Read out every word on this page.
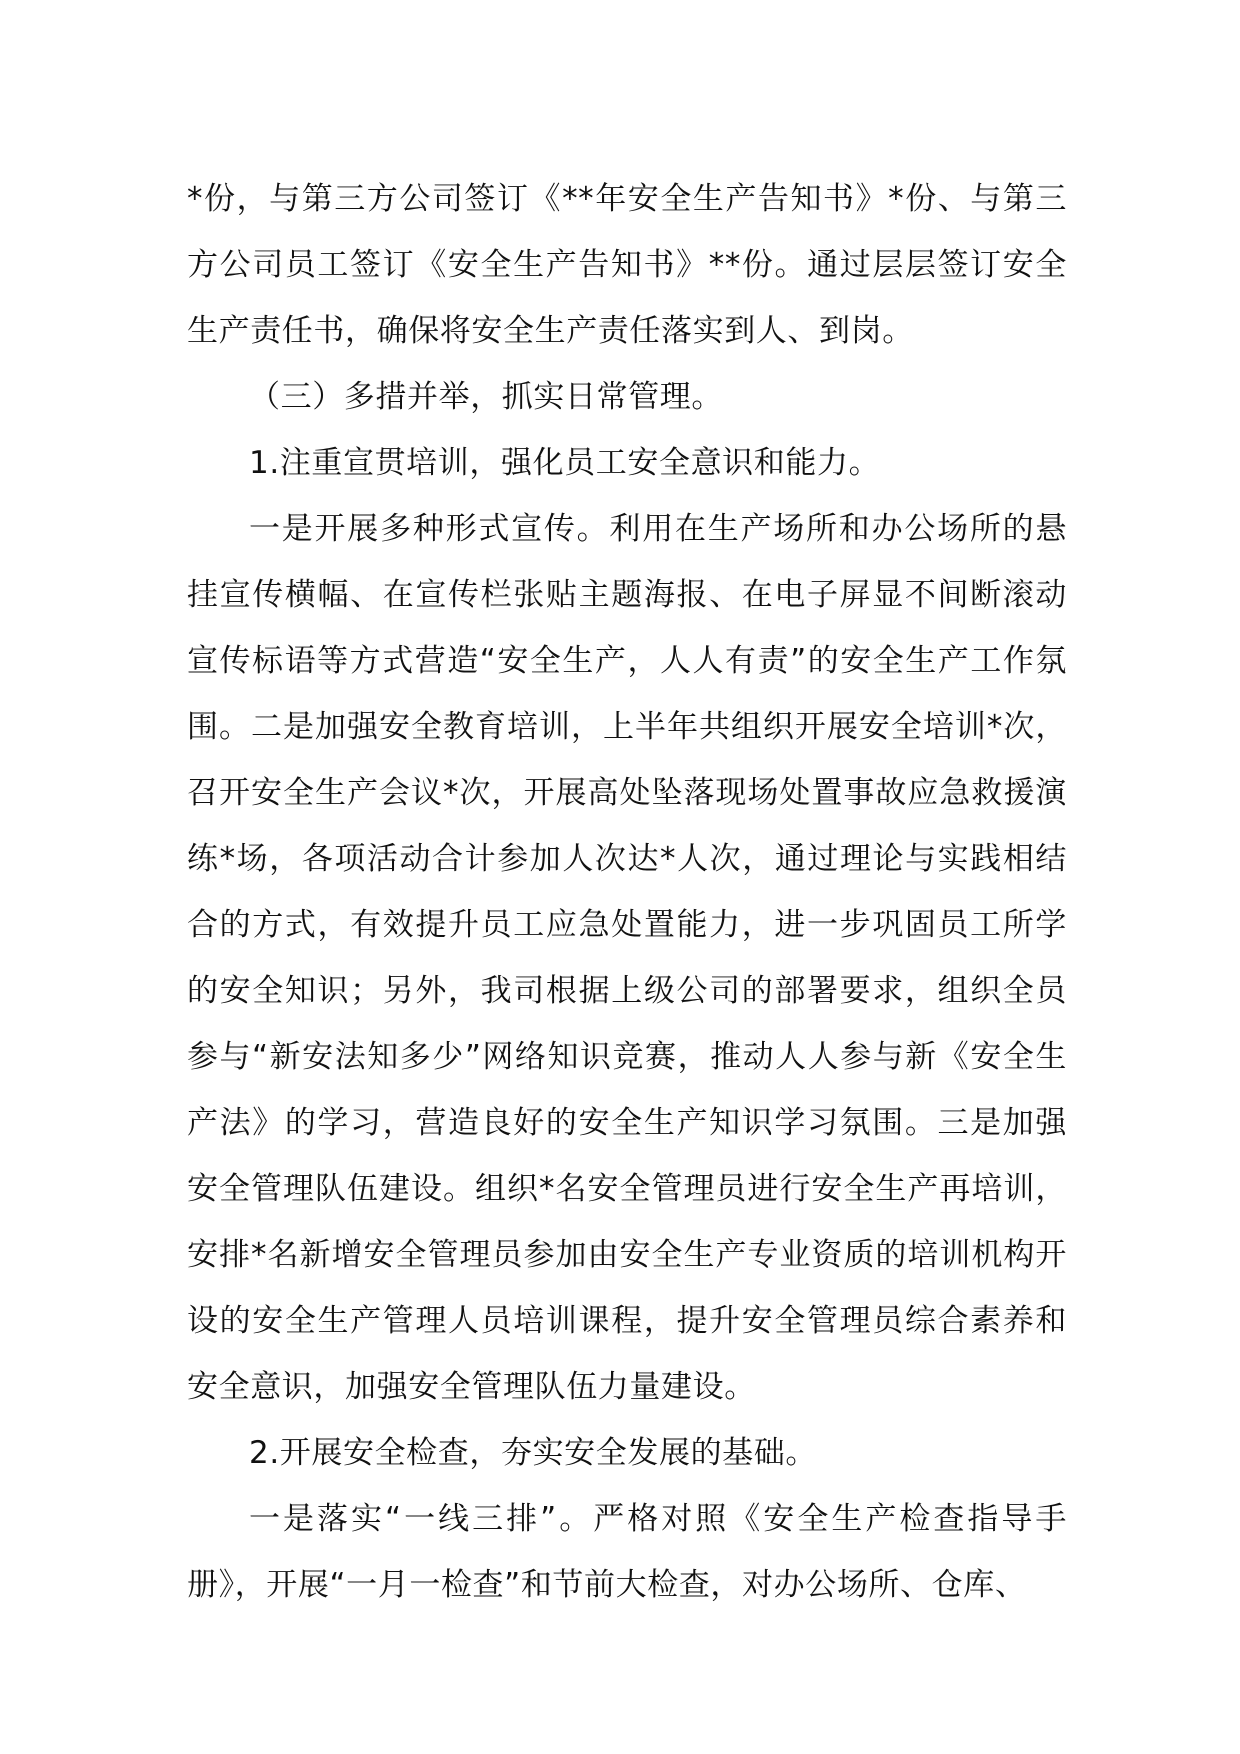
*份，与第三方公司签订《**年安全生产告知书》*份、与第三方公司员工签订《安全生产告知书》**份。通过层层签订安全生产责任书，确保将安全生产责任落实到人、到岗。

（三）多措并举，抓实日常管理。

1.注重宣贯培训，强化员工安全意识和能力。

一是开展多种形式宣传。利用在生产场所和办公场所的悬挂宣传横幅、在宣传栏张贴主题海报、在电子屏显不间断滚动宣传标语等方式营造“安全生产，人人有责”的安全生产工作氛围。二是加强安全教育培训，上半年共组织开展安全培训*次，召开安全生产会议*次，开展高处坠落现场处置事故应急救援演练*场，各项活动合计参加人次达*人次，通过理论与实践相结合的方式，有效提升员工应急处置能力，进一步巩固员工所学的安全知识；另外，我司根据上级公司的部署要求，组织全员参与“新安法知多少”网络知识竞赛，推动人人参与新《安全生产法》的学习，营造良好的安全生产知识学习氛围。三是加强安全管理队伍建设。组织*名安全管理员进行安全生产再培训，安排*名新增安全管理员参加由安全生产专业资质的培训机构开设的安全生产管理人员培训课程，提升安全管理员综合素养和安全意识，加强安全管理队伍力量建设。

2.开展安全检查，夯实安全发展的基础。

一是落实“一线三排”。严格对照《安全生产检查指导手册》，开展“一月一检查”和节前大检查，对办公场所、仓库、
